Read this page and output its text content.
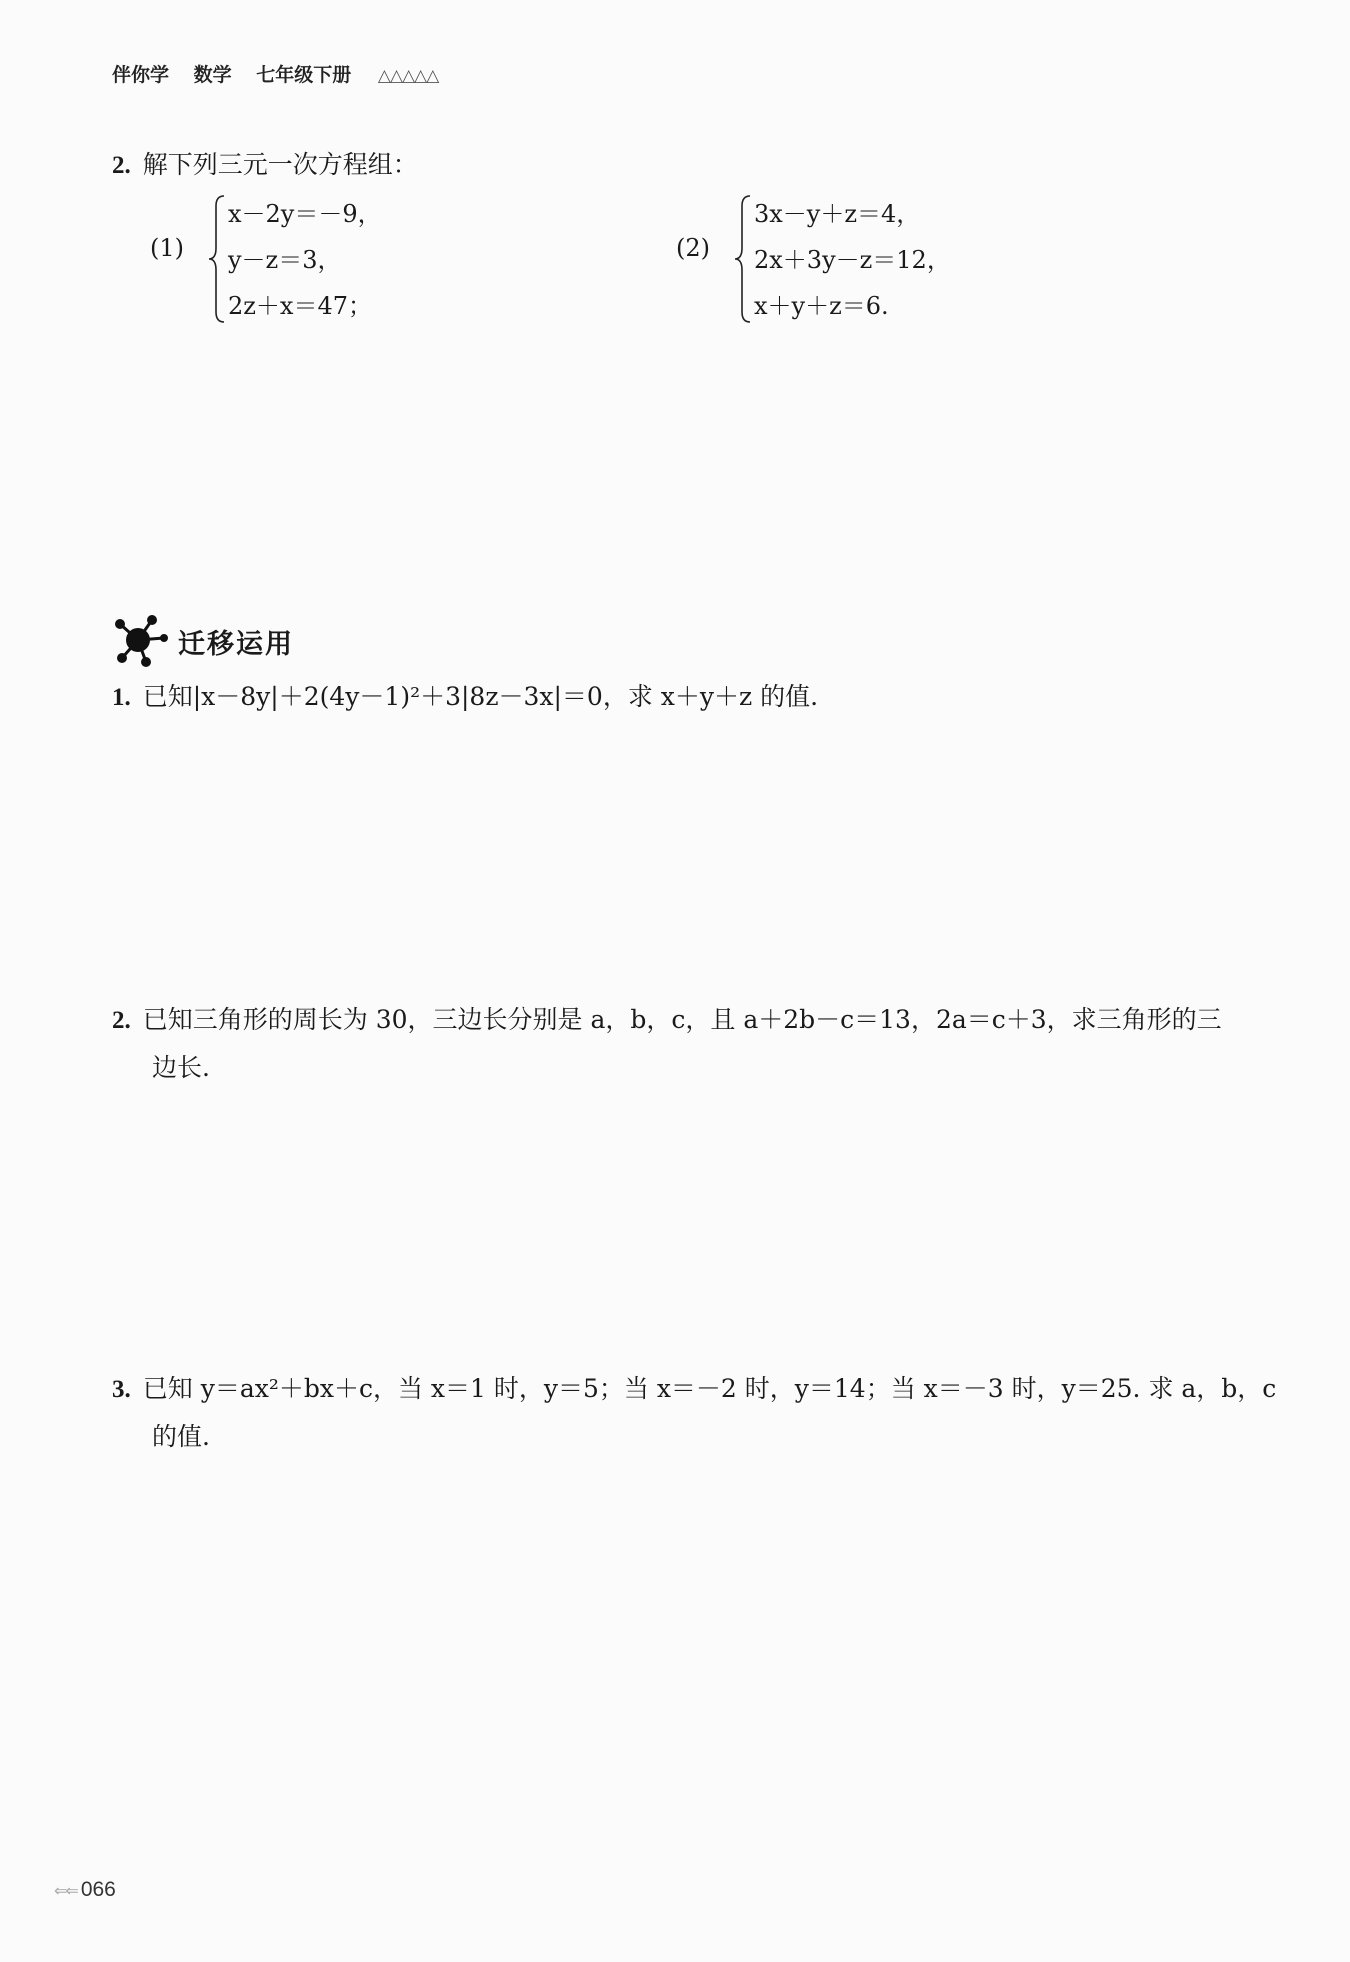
伴你学 数学 七年级下册 △△△△△
2. 解下列三元一次方程组：
(1)
x－2y＝－9，
y－z＝3，
2z＋x＝47；
(2)
3x－y＋z＝4，
2x＋3y－z＝12，
x＋y＋z＝6.
迁移运用
1. 已知|x－8y|＋2(4y－1)²＋3|8z－3x|＝0，求 x＋y＋z 的值.
2. 已知三角形的周长为 30，三边长分别是 a，b，c，且 a＋2b－c＝13，2a＝c＋3，求三角形的三
边长.
3. 已知 y＝ax²＋bx＋c，当 x＝1 时，y＝5；当 x＝－2 时，y＝14；当 x＝－3 时，y＝25. 求 a，b，c
的值.
⇐⇐ 066
